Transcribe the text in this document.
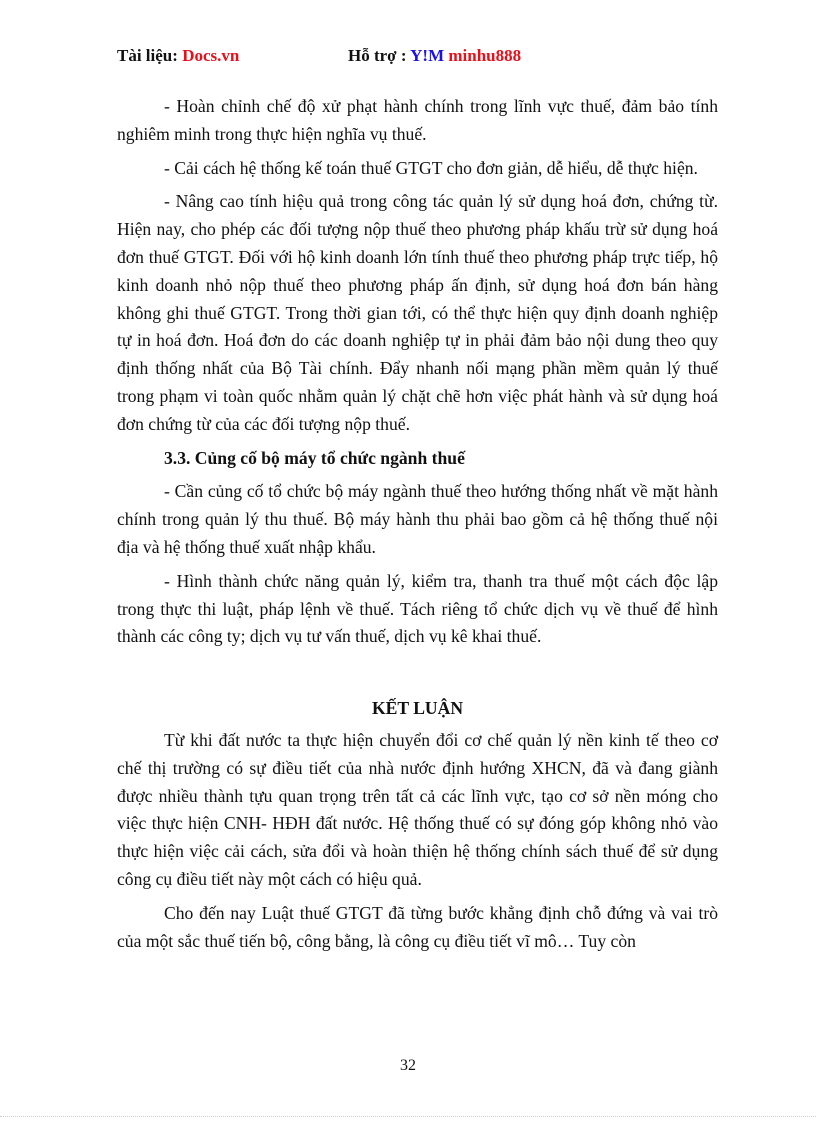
Tài liệu: Docs.vn	Hỗ trợ : Y!M minhu888

- Hoàn chỉnh chế độ xử phạt hành chính trong lĩnh vực thuế, đảm bảo tính nghiêm minh trong thực hiện nghĩa vụ thuế.

- Cải cách hệ thống kế toán thuế GTGT cho đơn giản, dễ hiểu, dễ thực hiện.

- Nâng cao tính hiệu quả trong công tác quản lý sử dụng hoá đơn, chứng từ. Hiện nay, cho phép các đối tượng nộp thuế theo phương pháp khấu trừ sử dụng hoá đơn thuế GTGT. Đối với hộ kinh doanh lớn tính thuế theo phương pháp trực tiếp, hộ kinh doanh nhỏ nộp thuế theo phương pháp ấn định, sử dụng hoá đơn bán hàng không ghi thuế GTGT. Trong thời gian tới, có thể thực hiện quy định doanh nghiệp tự in hoá đơn. Hoá đơn do các doanh nghiệp tự in phải đảm bảo nội dung theo quy định thống nhất của Bộ Tài chính. Đẩy nhanh nối mạng phần mềm quản lý thuế trong phạm vi toàn quốc nhằm quản lý chặt chẽ hơn việc phát hành và sử dụng hoá đơn chứng từ của các đối tượng nộp thuế.

3.3. Củng cố bộ máy tổ chức ngành thuế

- Cần củng cố tổ chức bộ máy ngành thuế theo hướng thống nhất về mặt hành chính trong quản lý thu thuế. Bộ máy hành thu phải bao gồm cả hệ thống thuế nội địa và hệ thống thuế xuất nhập khẩu.

- Hình thành chức năng quản lý, kiểm tra, thanh tra thuế một cách độc lập trong thực thi luật, pháp lệnh về thuế. Tách riêng tổ chức dịch vụ về thuế để hình thành các công ty; dịch vụ tư vấn thuế, dịch vụ kê khai thuế.

KẾT LUẬN

Từ khi đất nước ta thực hiện chuyển đổi cơ chế quản lý nền kinh tế theo cơ chế thị trường có sự điều tiết của nhà nước định hướng XHCN, đã và đang giành được nhiều thành tựu quan trọng trên tất cả các lĩnh vực, tạo cơ sở nền móng cho việc thực hiện CNH- HĐH đất nước. Hệ thống thuế có sự đóng góp không nhỏ vào thực hiện việc cải cách, sửa đổi và hoàn thiện hệ thống chính sách thuế để sử dụng công cụ điều tiết này một cách có hiệu quả.

Cho đến nay Luật thuế GTGT đã từng bước khẳng định chỗ đứng và vai trò của một sắc thuế tiến bộ, công bằng, là công cụ điều tiết vĩ mô… Tuy còn

32
